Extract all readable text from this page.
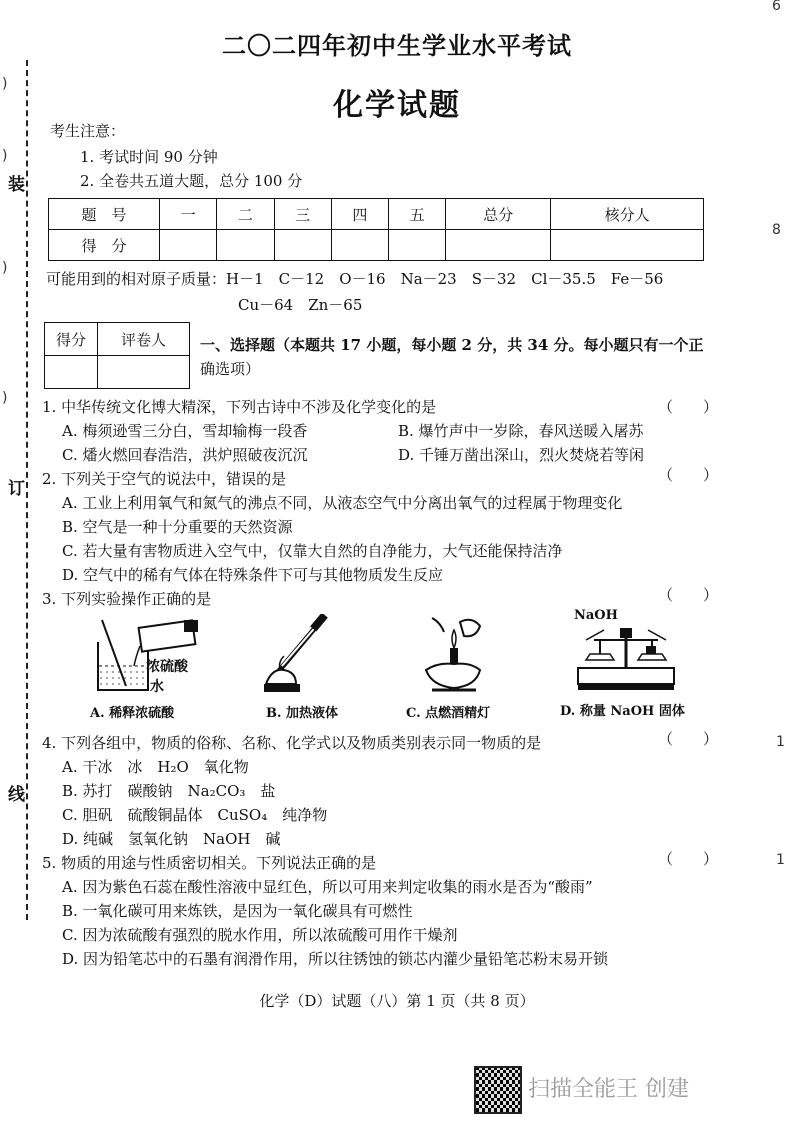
装
订
线
)
)
)
)
6
8
1
1
二〇二四年初中生学业水平考试
化学试题
考生注意：
1. 考试时间 90 分钟
2. 全卷共五道大题，总分 100 分
题　号	一	二	三	四	五	总分	核分人
得　分							
可能用到的相对原子质量：H－1　C－12　O－16　Na－23　S－32　Cl－35.5　Fe－56
Cu－64　Zn－65
得分	评卷人
	一、选择题（本题共 17 小题，每小题 2 分，共 34 分。每小题只有一个正
确选项）
1. 中华传统文化博大精深，下列古诗中不涉及化学变化的是	（　　）
A. 梅须逊雪三分白，雪却输梅一段香	B. 爆竹声中一岁除，春风送暖入屠苏
C. 燔火燃回春浩浩，洪炉照破夜沉沉	D. 千锤万凿出深山，烈火焚烧若等闲
2. 下列关于空气的说法中，错误的是	（　　）
A. 工业上利用氧气和氮气的沸点不同，从液态空气中分离出氧气的过程属于物理变化
B. 空气是一种十分重要的天然资源
C. 若大量有害物质进入空气中，仅靠大自然的自净能力，大气还能保持洁净
D. 空气中的稀有气体在特殊条件下可与其他物质发生反应
3. 下列实验操作正确的是	（　　）
浓硫酸
水
A. 稀释浓硫酸	B. 加热液体	C. 点燃酒精灯
NaOH
D. 称量 NaOH 固体
4. 下列各组中，物质的俗称、名称、化学式以及物质类别表示同一物质的是	（　　）
A. 干冰　冰　H₂O　氧化物
B. 苏打　碳酸钠　Na₂CO₃　盐
C. 胆矾　硫酸铜晶体　CuSO₄　纯净物
D. 纯碱　氢氧化钠　NaOH　碱
5. 物质的用途与性质密切相关。下列说法正确的是	（　　）
A. 因为紫色石蕊在酸性溶液中显红色，所以可用来判定收集的雨水是否为“酸雨”
B. 一氧化碳可用来炼铁，是因为一氧化碳具有可燃性
C. 因为浓硫酸有强烈的脱水作用，所以浓硫酸可用作干燥剂
D. 因为铅笔芯中的石墨有润滑作用，所以往锈蚀的锁芯内灌少量铅笔芯粉末易开锁
化学（D）试题（八）第 1 页（共 8 页）
扫描全能王 创建
